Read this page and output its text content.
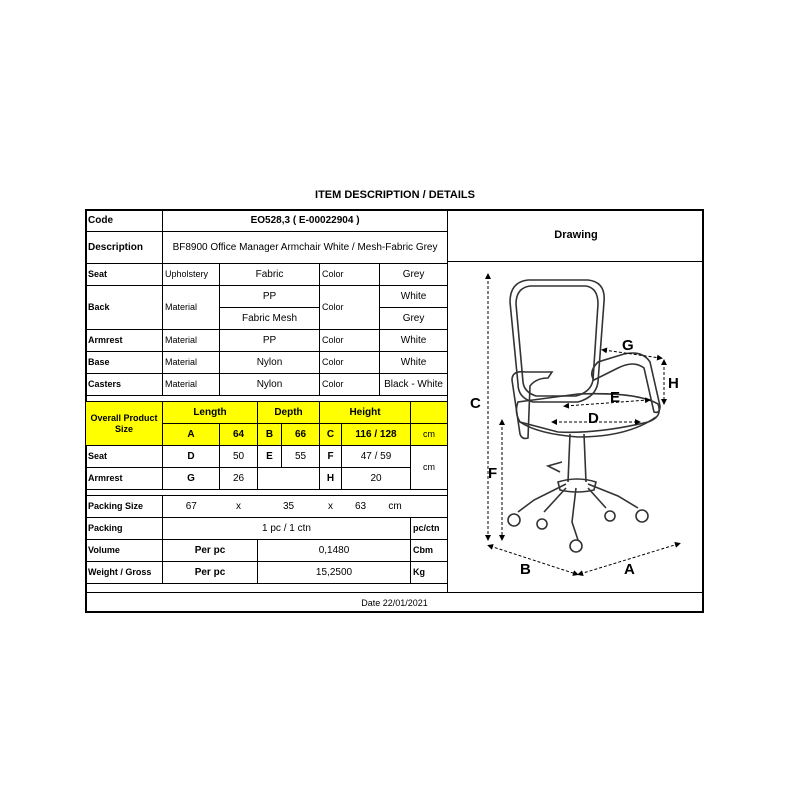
ITEM DESCRIPTION / DETAILS
Code	EO528,3 ( E-00022904 )							
Description	BF8900 Office Manager Armchair White / Mesh-Fabric Grey							
Seat	Upholstery	Fabric			Color		Grey	
Back	Material	PP			Color		White	
		Fabric Mesh					Grey	
Armrest	Material	PP			Color		White	
Base	Material	Nylon			Color		White	
Casters	Material	Nylon			Color		Black - White	

Overall Product Size	Length		Depth		Height			
	A	64	B	66	C	116 / 128		cm
Seat	D	50	E	55	F	47 / 59		cm
Armrest	G	26			H	20		

Packing Size	67	x	35		x	63	cm	
Packing	1 pc / 1 ctn							pc/ctn
Volume	Per pc		0,1480					Cbm
Weight / Gross	Per pc		15,2500					Kg
Drawing
C
F
B	A
G
H
E
D
Date 22/01/2021
